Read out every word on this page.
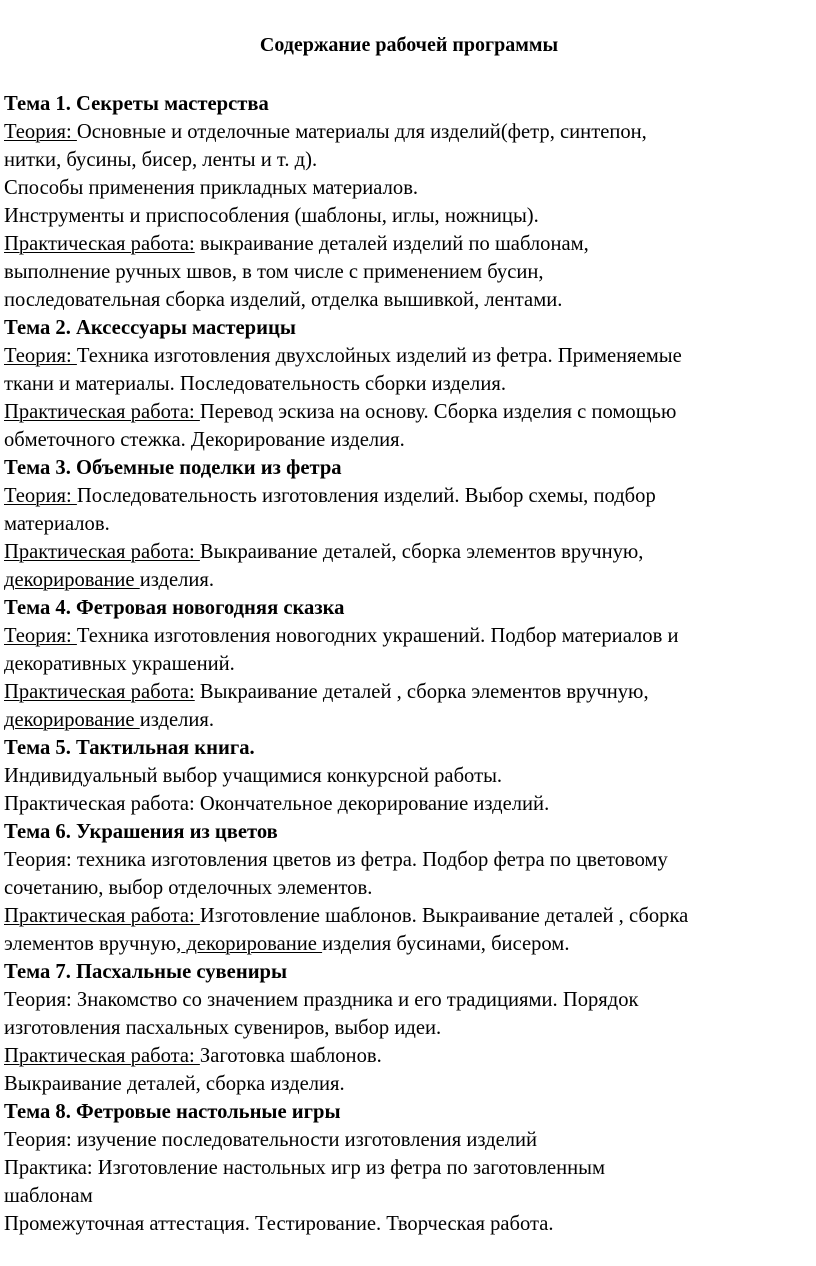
Содержание рабочей программы

Тема 1. Секреты мастерства

Теория: Основные и отделочные материалы для изделий(фетр, синтепон,

нитки, бусины, бисер, ленты и т. д).

Способы применения прикладных материалов.

Инструменты и приспособления (шаблоны, иглы, ножницы).

Практическая работа: выкраивание деталей изделий по шаблонам,

выполнение ручных швов, в том числе с применением бусин,

последовательная сборка изделий, отделка вышивкой, лентами.

Тема 2. Аксессуары мастерицы

Теория: Техника изготовления двухслойных изделий из фетра. Применяемые

ткани и материалы. Последовательность сборки изделия.

Практическая работа: Перевод эскиза на основу. Сборка изделия с помощью

обметочного стежка. Декорирование изделия.

Тема 3. Объемные поделки из фетра

Теория: Последовательность изготовления изделий. Выбор схемы, подбор

материалов.

Практическая работа: Выкраивание деталей, сборка элементов вручную,

декорирование изделия.

Тема 4. Фетровая новогодняя сказка

Теория: Техника изготовления новогодних украшений. Подбор материалов и

декоративных украшений.

Практическая работа: Выкраивание деталей , сборка элементов вручную,

декорирование изделия.

Тема 5. Тактильная книга.

Индивидуальный выбор учащимися конкурсной работы.

Практическая работа: Окончательное декорирование изделий.

Тема 6. Украшения из цветов

Теория: техника изготовления цветов из фетра. Подбор фетра по цветовому

сочетанию, выбор отделочных элементов.

Практическая работа: Изготовление шаблонов. Выкраивание деталей , сборка

элементов вручную, декорирование изделия бусинами, бисером.

Тема 7. Пасхальные сувениры

Теория: Знакомство со значением праздника и его традициями. Порядок

изготовления пасхальных сувениров, выбор идеи.

Практическая работа: Заготовка шаблонов.

Выкраивание деталей, сборка изделия.

Тема 8. Фетровые настольные игры

Теория: изучение последовательности изготовления изделий

Практика: Изготовление настольных игр из фетра по заготовленным

шаблонам

Промежуточная аттестация. Тестирование. Творческая работа.
